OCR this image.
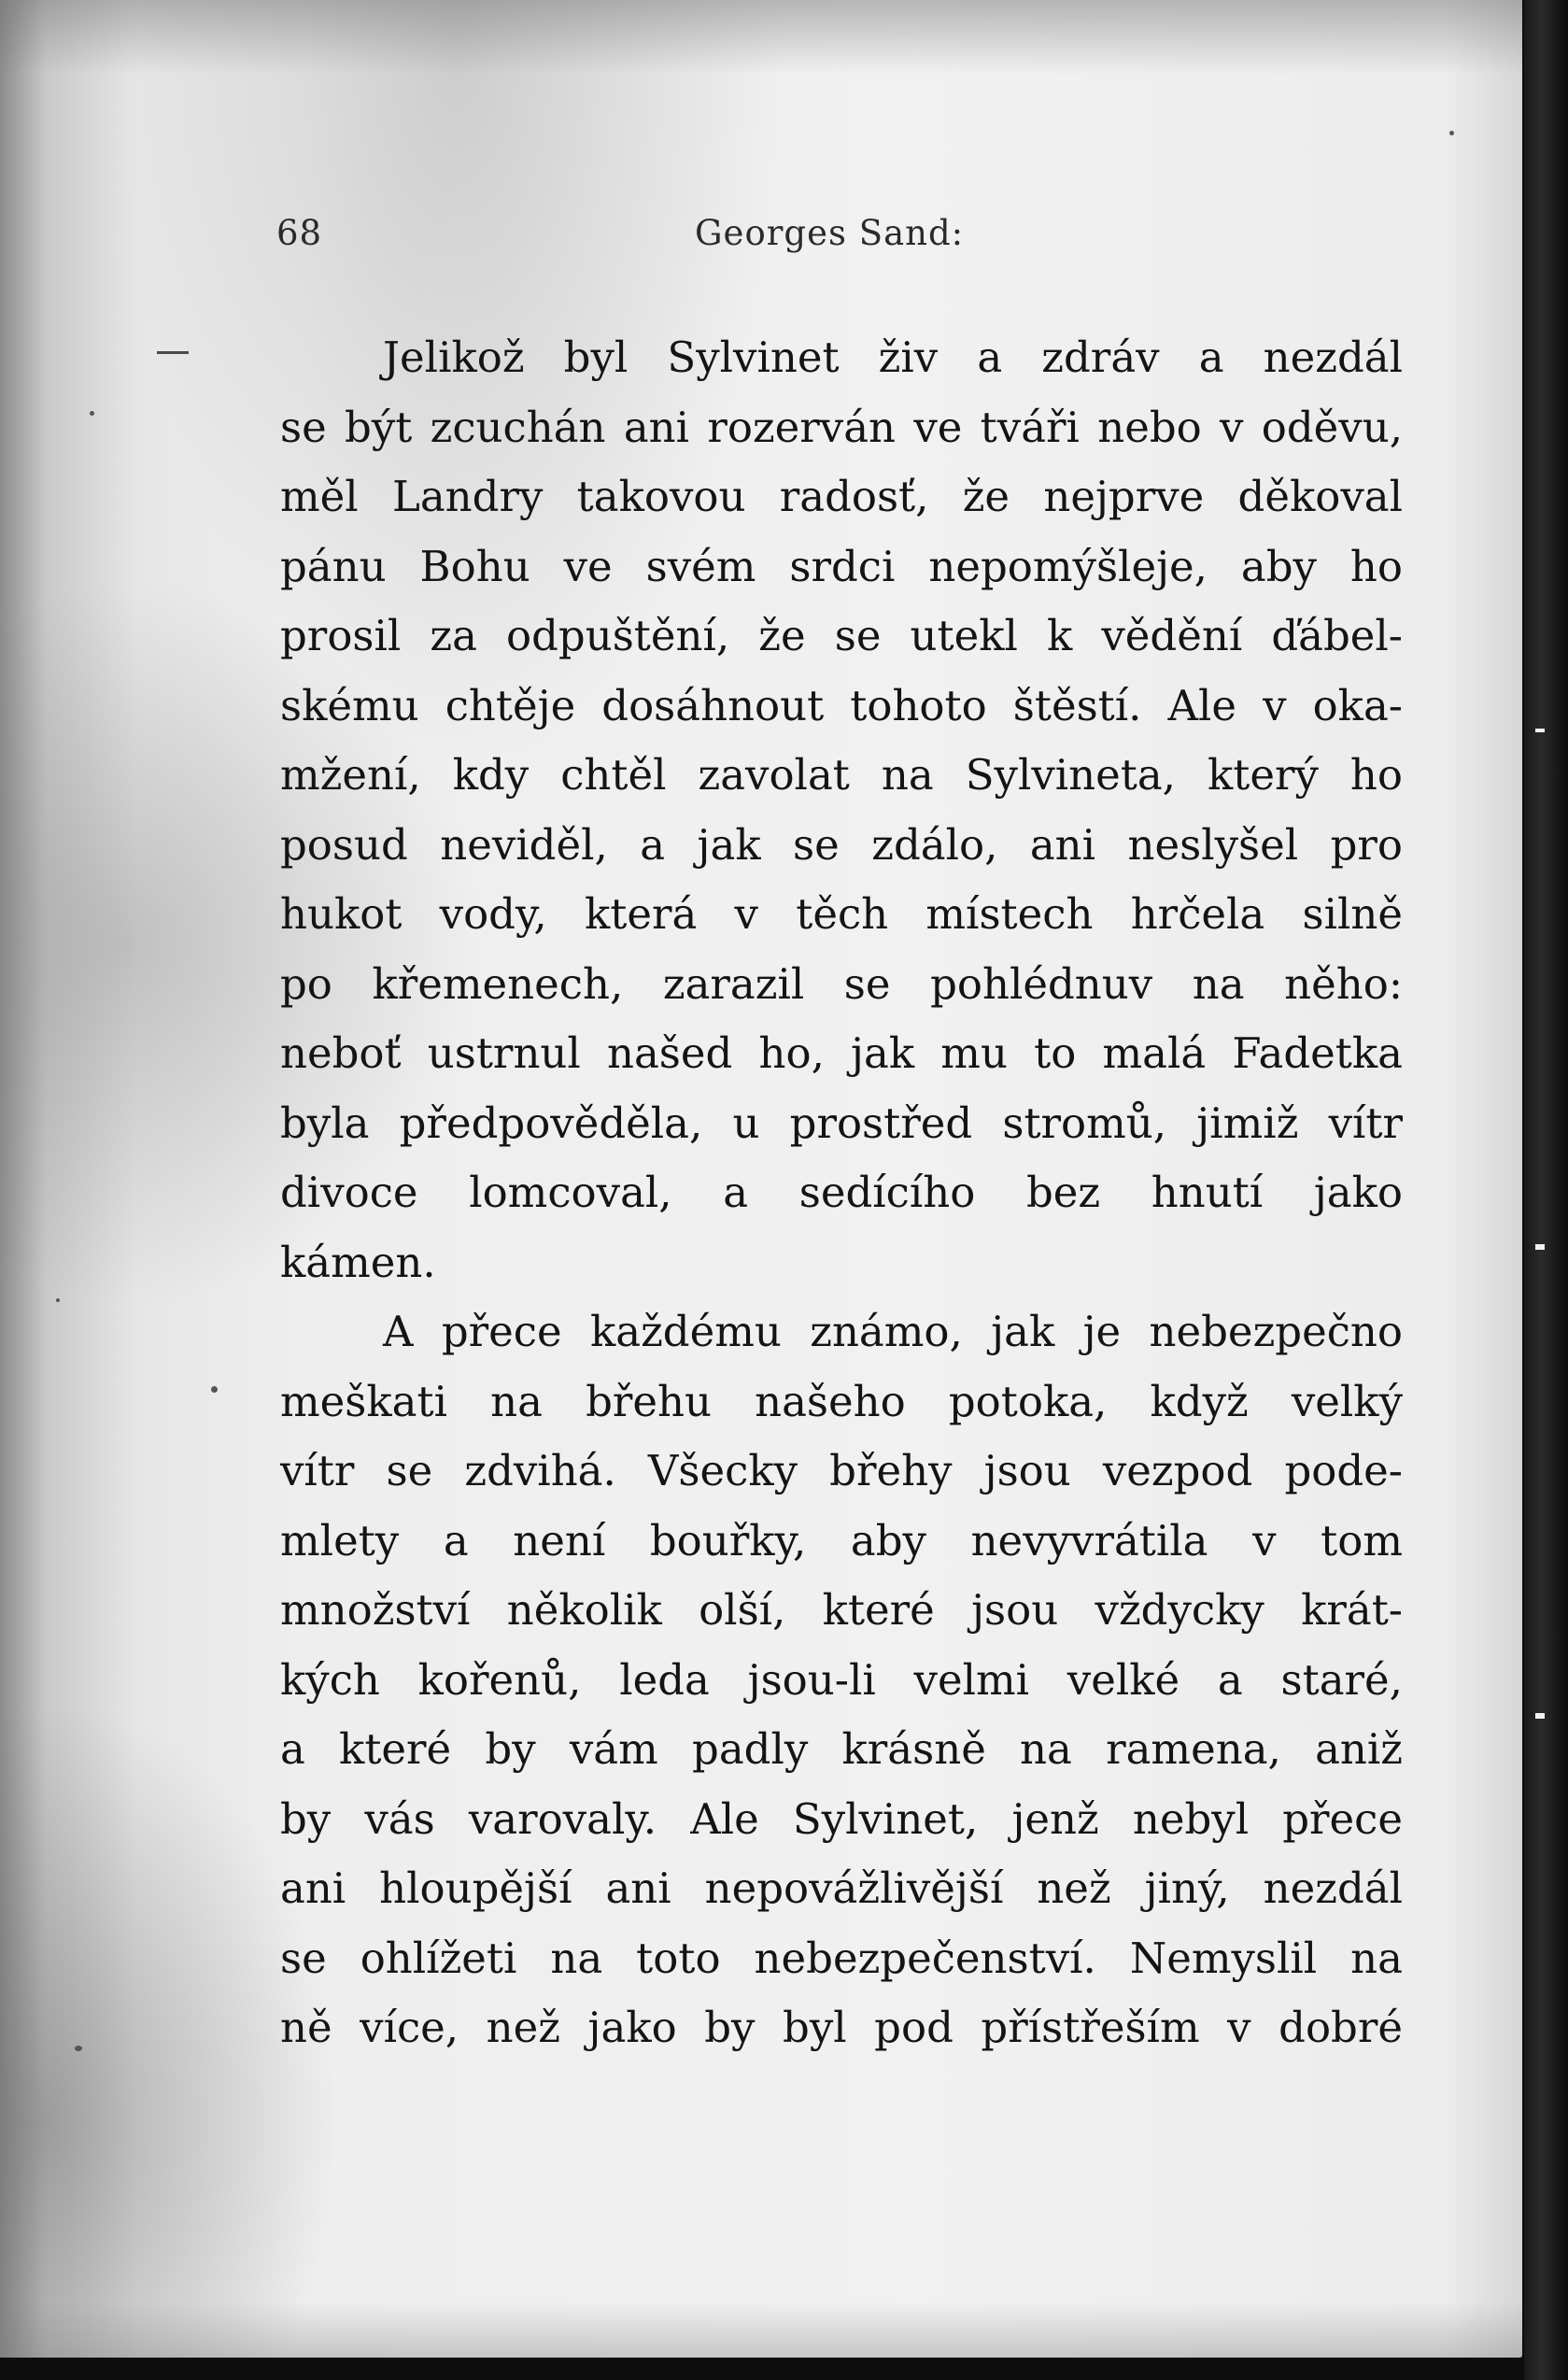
68	Georges Sand:
Jelikož byl Sylvinet živ a zdráv a nezdál
se být zcuchán ani rozerván ve tváři nebo v oděvu,
měl Landry takovou radosť, že nejprve děkoval
pánu Bohu ve svém srdci nepomýšleje, aby ho
prosil za odpuštění, že se utekl k vědění ďábel-
skému chtěje dosáhnout tohoto štěstí. Ale v oka-
mžení, kdy chtěl zavolat na Sylvineta, který ho
posud neviděl, a jak se zdálo, ani neslyšel pro
hukot vody, která v těch místech hrčela silně
po křemenech, zarazil se pohlédnuv na něho:
neboť ustrnul našed ho, jak mu to malá Fadetka
byla předpověděla, u prostřed stromů, jimiž vítr
divoce lomcoval, a sedícího bez hnutí jako
kámen.
A přece každému známo, jak je nebezpečno
meškati na břehu našeho potoka, když velký
vítr se zdvihá. Všecky břehy jsou vezpod pode-
mlety a není bouřky, aby nevyvrátila v tom
množství několik olší, které jsou vždycky krát-
kých kořenů, leda jsou-li velmi velké a staré,
a které by vám padly krásně na ramena, aniž
by vás varovaly. Ale Sylvinet, jenž nebyl přece
ani hloupější ani nepovážlivější než jiný, nezdál
se ohlížeti na toto nebezpečenství. Nemyslil na
ně více, než jako by byl pod přístřeším v dobré
